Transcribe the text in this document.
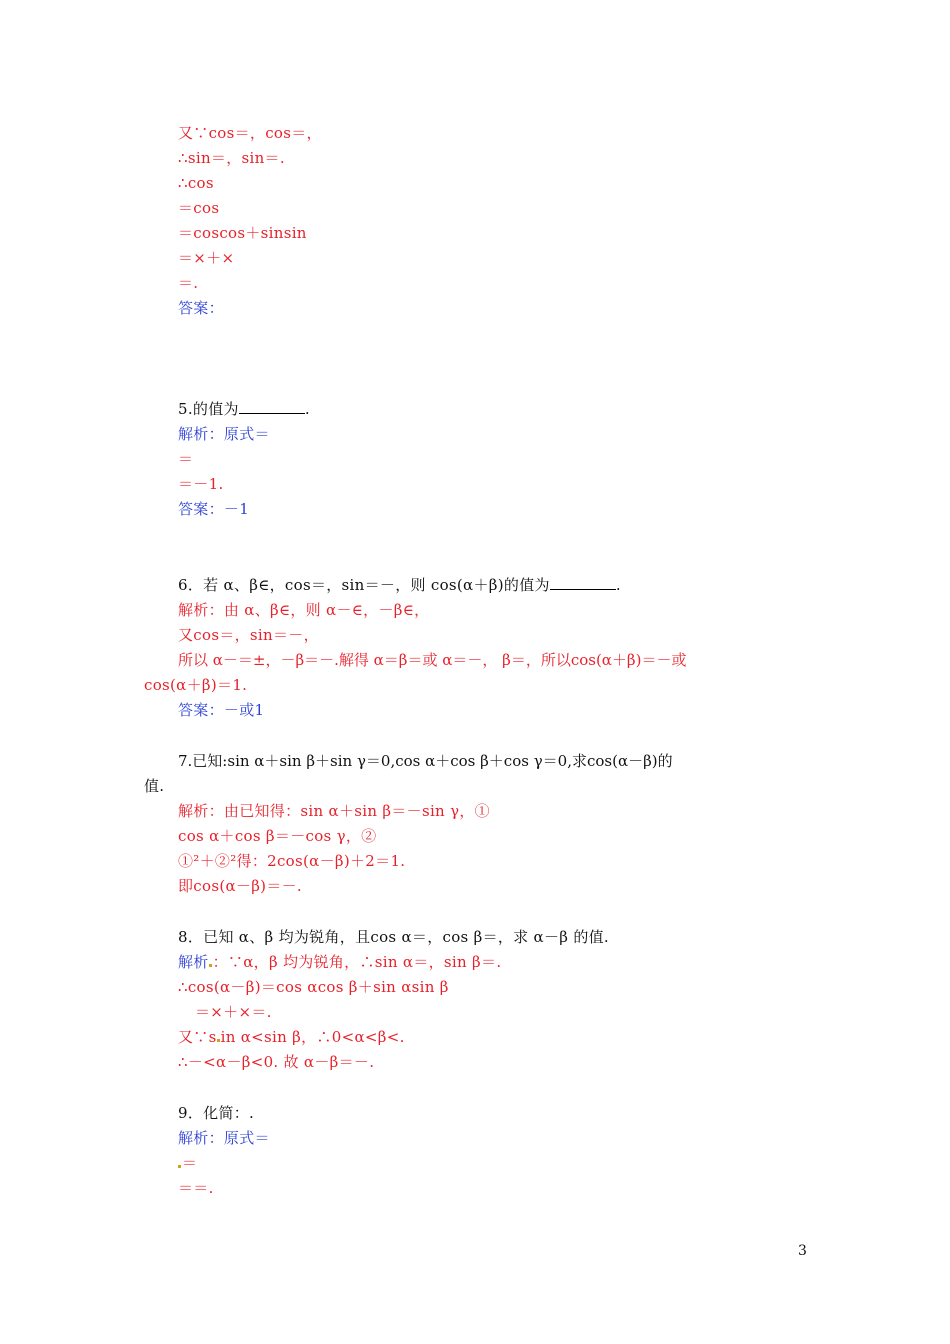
又∵cos＝，cos＝，
∴sin＝，sin＝.
∴cos
＝cos
＝coscos＋sinsin
＝×＋×
＝.
答案：
5.的值为	.
解析：原式＝
＝
＝－1.
答案：－1
6．若 α、β∈，cos＝，sin＝－，则 cos(α＋β)的值为	.
解析：由 α、β∈，则 α－∈，－β∈，
又cos＝，sin＝－，
所以 α－＝±，－β＝－.解得 α＝β＝或 α＝－， β＝，所以cos(α＋β)＝－或
cos(α＋β)＝1.
答案：－或1
7.已知:sin α＋sin β＋sin γ＝0,cos α＋cos β＋cos γ＝0,求cos(α－β)的
值.
解析：由已知得：sin α＋sin β＝－sin γ，①
cos α＋cos β＝－cos γ，②
①²＋②²得：2cos(α－β)＋2＝1.
即cos(α－β)＝－.
8．已知 α、β 均为锐角，且cos α＝，cos β＝，求 α－β 的值.
解析 ：∵α，β 均为锐角，∴sin α＝，sin β＝.
∴cos(α－β)＝cos αcos β＋sin αsin β
＝×＋×＝.
又∵s in α<sin β，∴0<α<β<.
∴－<α－β<0. 故 α－β＝－.
9．化简：.
解析：原式＝
＝
＝＝.
3
